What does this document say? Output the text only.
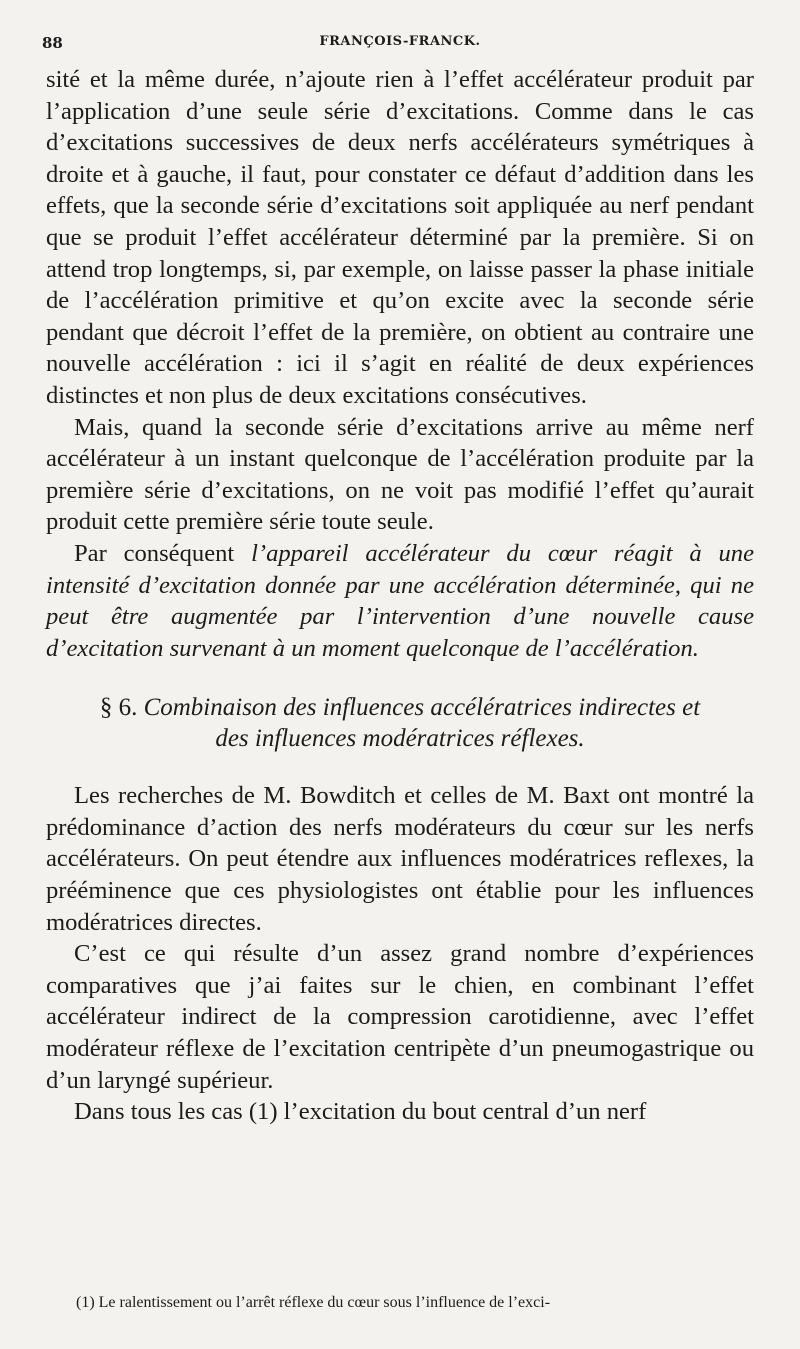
88	FRANÇOIS-FRANCK.

sité et la même durée, n’ajoute rien à l’effet accélérateur produit par l’application d’une seule série d’excitations. Comme dans le cas d’excitations successives de deux nerfs accélérateurs symétriques à droite et à gauche, il faut, pour constater ce défaut d’addition dans les effets, que la seconde série d’excitations soit appliquée au nerf pendant que se produit l’effet accélérateur déterminé par la première. Si on attend trop longtemps, si, par exemple, on laisse passer la phase initiale de l’accélération primitive et qu’on excite avec la seconde série pendant que décroit l’effet de la première, on obtient au contraire une nouvelle accélération : ici il s’agit en réalité de deux expériences distinctes et non plus de deux excitations consécutives.

Mais, quand la seconde série d’excitations arrive au même nerf accélérateur à un instant quelconque de l’accélération produite par la première série d’excitations, on ne voit pas modifié l’effet qu’aurait produit cette première série toute seule.

Par conséquent l’appareil accélérateur du cœur réagit à une intensité d’excitation donnée par une accélération déterminée, qui ne peut être augmentée par l’intervention d’une nouvelle cause d’excitation survenant à un moment quelconque de l’accélération.

§ 6. Combinaison des influences accélératrices indirectes et
des influences modératrices réflexes.

Les recherches de M. Bowditch et celles de M. Baxt ont montré la prédominance d’action des nerfs modérateurs du cœur sur les nerfs accélérateurs. On peut étendre aux influences modératrices reflexes, la prééminence que ces physiologistes ont établie pour les influences modératrices directes.

C’est ce qui résulte d’un assez grand nombre d’expériences comparatives que j’ai faites sur le chien, en combinant l’effet accélérateur indirect de la compression carotidienne, avec l’effet modérateur réflexe de l’excitation centripète d’un pneumogastrique ou d’un laryngé supérieur.

Dans tous les cas (1) l’excitation du bout central d’un nerf

(1) Le ralentissement ou l’arrêt réflexe du cœur sous l’influence de l’exci-
